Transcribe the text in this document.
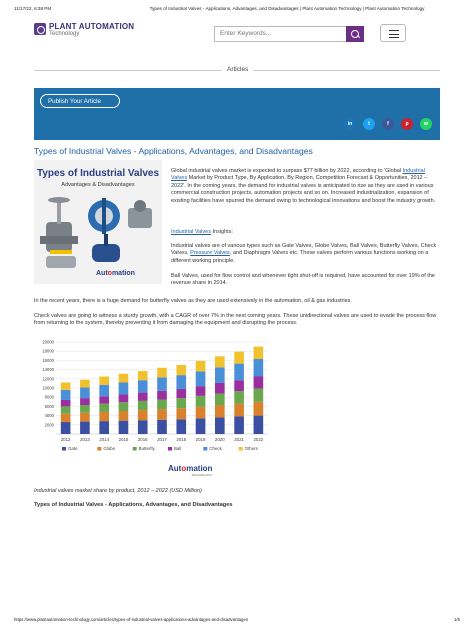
11/17/22, 6:38 PM	Types of Industrial Valves - Applications, Advantages, and Disadvantages | Plant Automation Technology | Plant Automation Technology
PLANT AUTOMATION
Technology	Enter Keywords...
Articles
Publish Your Article
in	t	f	p	w
Types of Industrial Valves - Applications, Advantages, and Disadvantages
Types of Industrial Valves
Advantages & Disadvantages
Automation
Global industrial valves market is expected to surpass $77 billion by 2022, according to 'Global Industrial Valves Market by Product Type, By Application, By Region, Competition Forecast & Opportunities, 2012 – 2022'. In the coming years, the demand for industrial valves is anticipated to rise as they are used in various commercial construction projects, automation projects and so on. Increased industrialization, expansion of existing facilities have spurred the demand owing to technological innovations and boost the industry growth.
Industrial Valves Insights:
Industrial valves are of various types such as Gate Valves, Globe Valves, Ball Valves, Butterfly Valves, Check Valves, Pressure Valves, and Diaphragm Valves etc. These valves perform various functions working on a different working principle.
Ball Valves, used for flow control and whenever tight shut-off is required, have accounted for over 19% of the revenue share in 2014.
In the recent years, there is a huge demand for butterfly valves as they are used extensively in the automation, oil & gas industries.
Check valves are going to witness a sturdy growth, with a CAGR of over 7% in the next coming years. These unidirectional valves are used to evade the process flow from returning to the system, thereby preventing it from damaging the equipment and disrupting the process.
2000
4000
6000
8000
10000
12000
14000
16000
18000
20000
2012 2013 2014 2015 2016 2017 2018 2019 2020 2021 2022
Gate	Globe	Butterfly	Ball	Check	Others
Automation
TECHNOLOGY
Industrial valves market share by product, 2012 – 2022 (USD Million)
Types of Industrial Valves - Applications, Advantages, and Disadvantages
https://www.plantautomation-technology.com/articles/types-of-industrial-valves-applications-advantages-and-disadvantages	1/5
